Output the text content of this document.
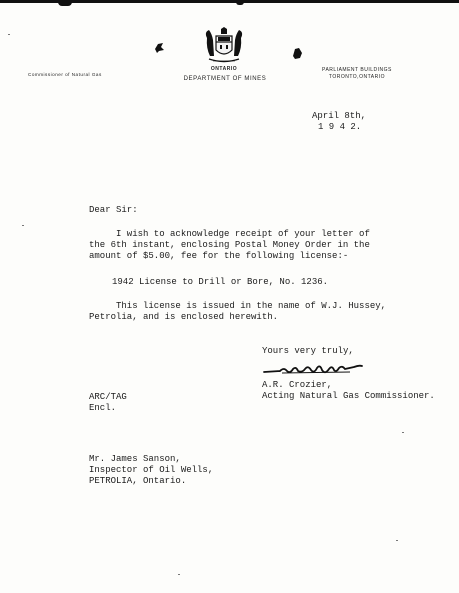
Commissioner of Natural Gas
ONTARIO
DEPARTMENT OF MINES
PARLIAMENT BUILDINGS
TORONTO,ONTARIO
April 8th,
1 9 4 2.
Dear Sir:
I wish to acknowledge receipt of your letter of
the 6th instant, enclosing Postal Money Order in the
amount of $5.00, fee for the following license:-
1942 License to Drill or Bore, No. 1236.
This license is issued in the name of W.J. Hussey,
Petrolia, and is enclosed herewith.
Yours very truly,
A.R. Crozier,
Acting Natural Gas Commissioner.
ARC/TAG
Encl.
Mr. James Sanson,
Inspector of Oil Wells,
PETROLIA, Ontario.
